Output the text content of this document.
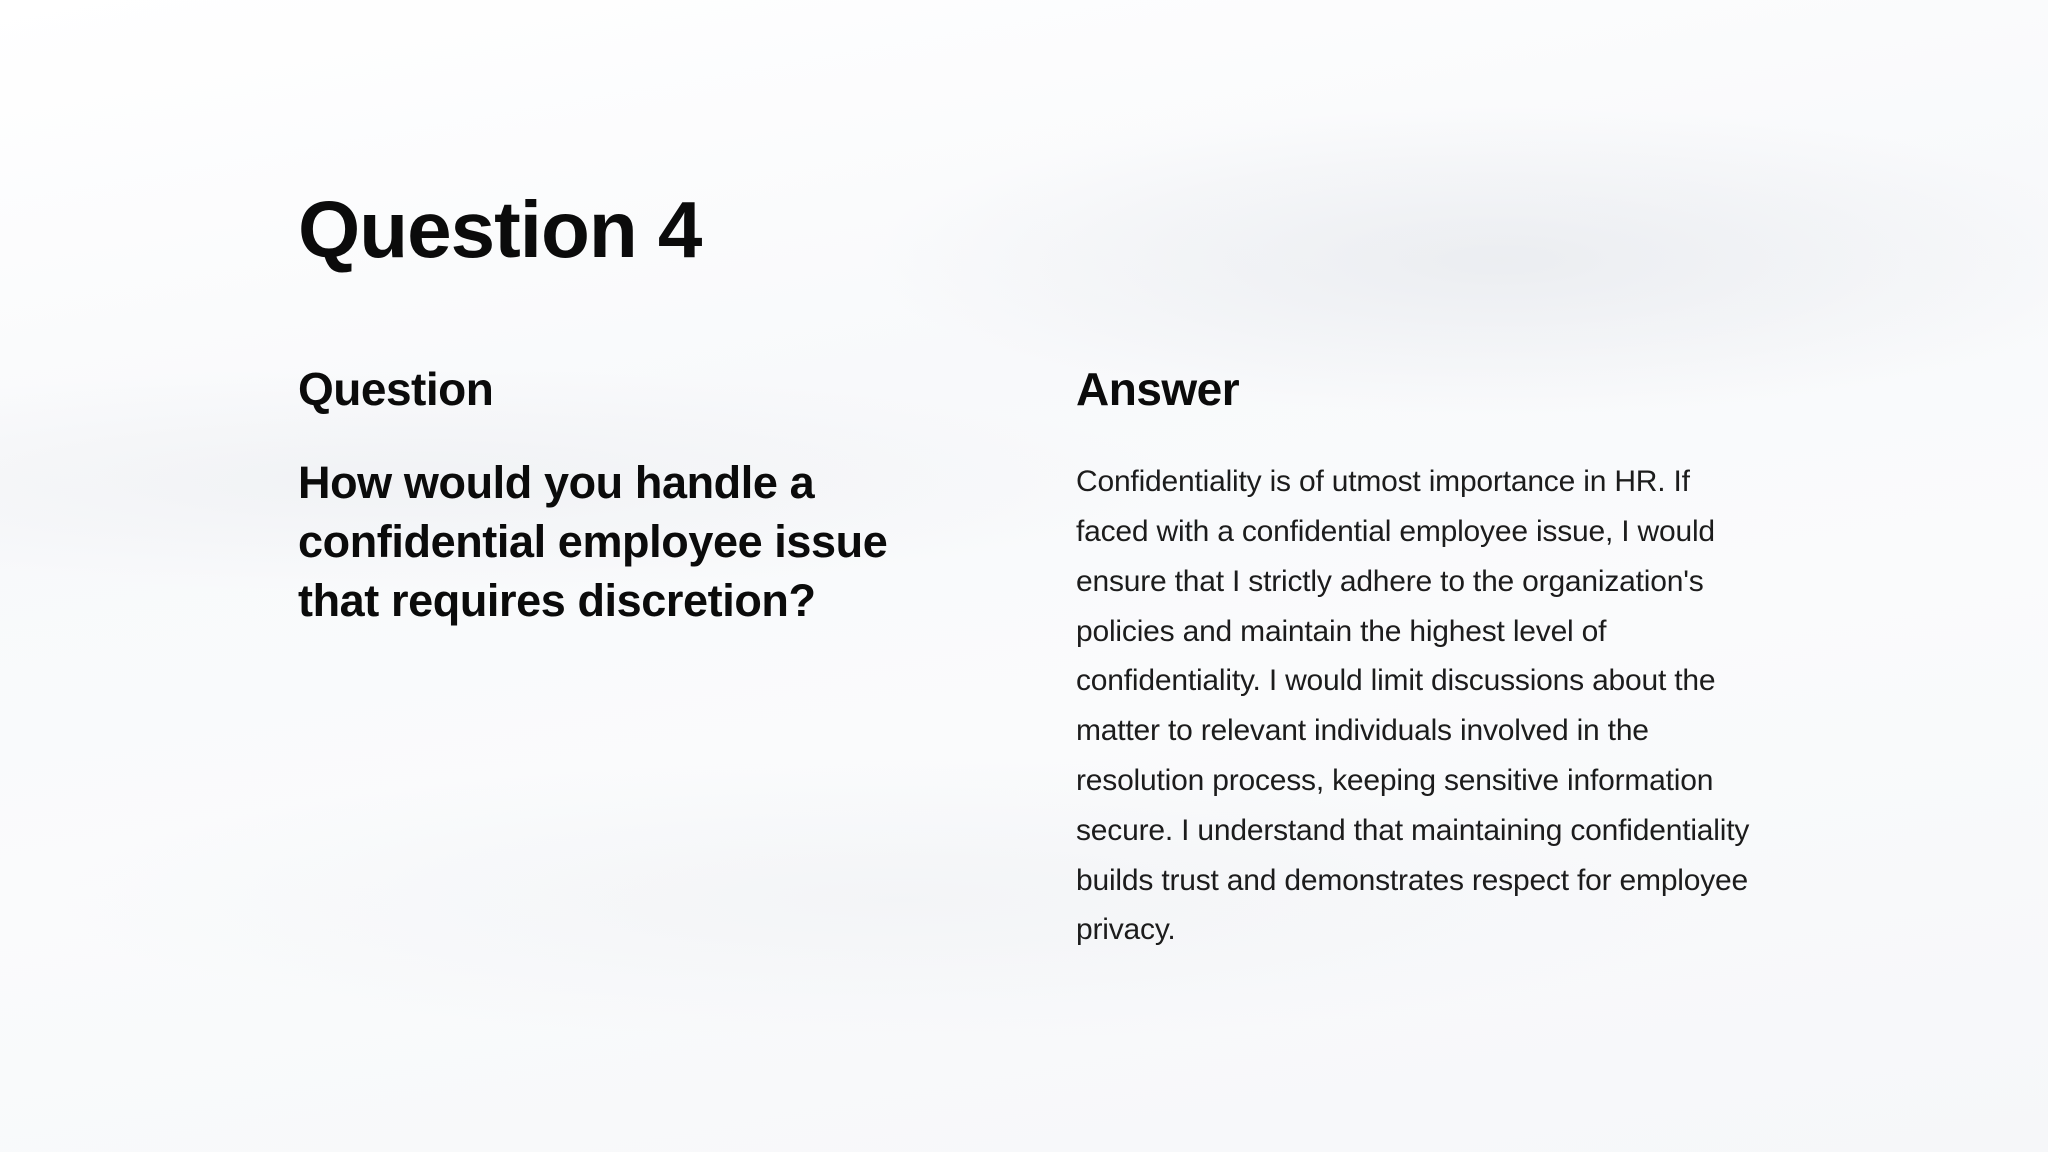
Question 4
Question

How would you handle a confidential employee issue that requires discretion?

Answer

Confidentiality is of utmost importance in HR. If faced with a confidential employee issue, I would ensure that I strictly adhere to the organization's policies and maintain the highest level of confidentiality. I would limit discussions about the matter to relevant individuals involved in the resolution process, keeping sensitive information secure. I understand that maintaining confidentiality builds trust and demonstrates respect for employee privacy.
